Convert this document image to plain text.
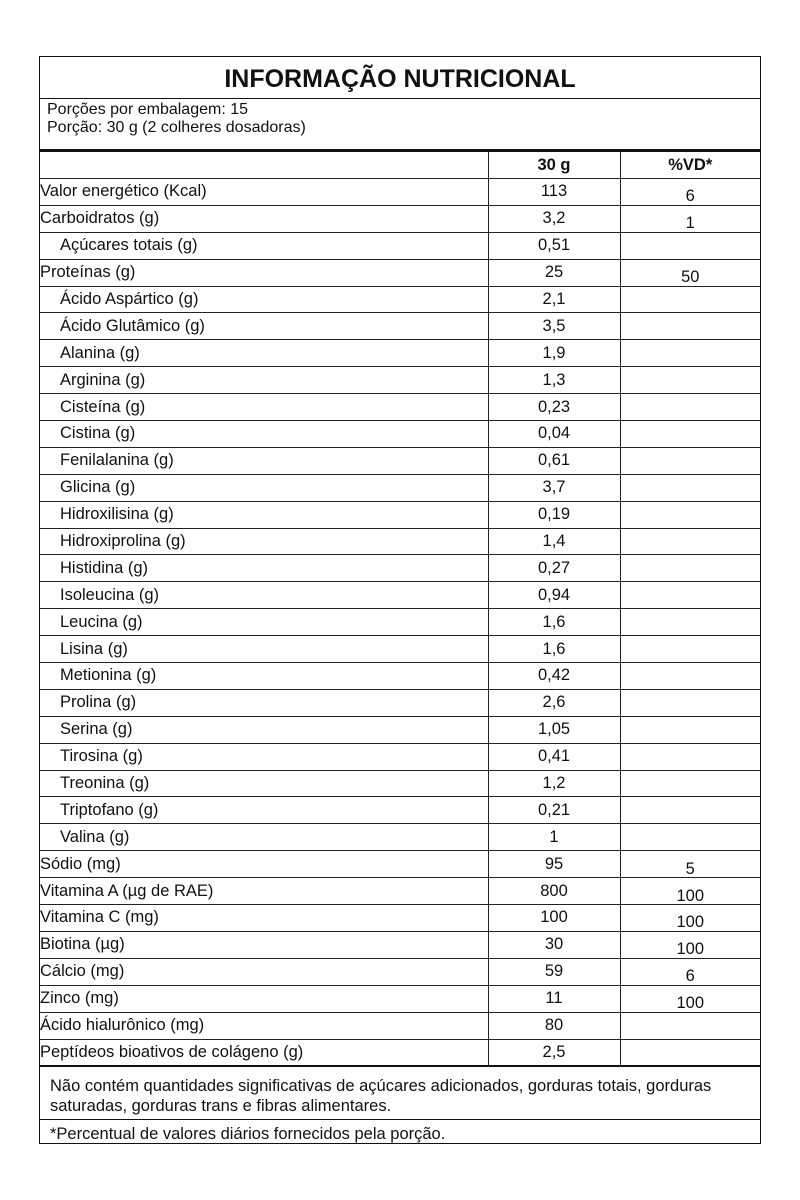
INFORMAÇÃO NUTRICIONAL
Porções por embalagem: 15
Porção: 30 g (2 colheres dosadoras)
	30 g	%VD*
Valor energético (Kcal)	113	6
Carboidratos (g)	3,2	1
Açúcares totais (g)	0,51	
Proteínas (g)	25	50
Ácido Aspártico (g)	2,1	
Ácido Glutâmico (g)	3,5	
Alanina (g)	1,9	
Arginina (g)	1,3	
Cisteína (g)	0,23	
Cistina (g)	0,04	
Fenilalanina (g)	0,61	
Glicina (g)	3,7	
Hidroxilisina (g)	0,19	
Hidroxiprolina (g)	1,4	
Histidina (g)	0,27	
Isoleucina (g)	0,94	
Leucina (g)	1,6	
Lisina (g)	1,6	
Metionina (g)	0,42	
Prolina (g)	2,6	
Serina (g)	1,05	
Tirosina (g)	0,41	
Treonina (g)	1,2	
Triptofano (g)	0,21	
Valina (g)	1	
Sódio (mg)	95	5
Vitamina A (µg de RAE)	800	100
Vitamina C (mg)	100	100
Biotina (µg)	30	100
Cálcio (mg)	59	6
Zinco (mg)	11	100
Ácido hialurônico (mg)	80	
Peptídeos bioativos de colágeno (g)	2,5	
Não contém quantidades significativas de açúcares adicionados, gorduras totais, gorduras saturadas, gorduras trans e fibras alimentares.
*Percentual de valores diários fornecidos pela porção.
